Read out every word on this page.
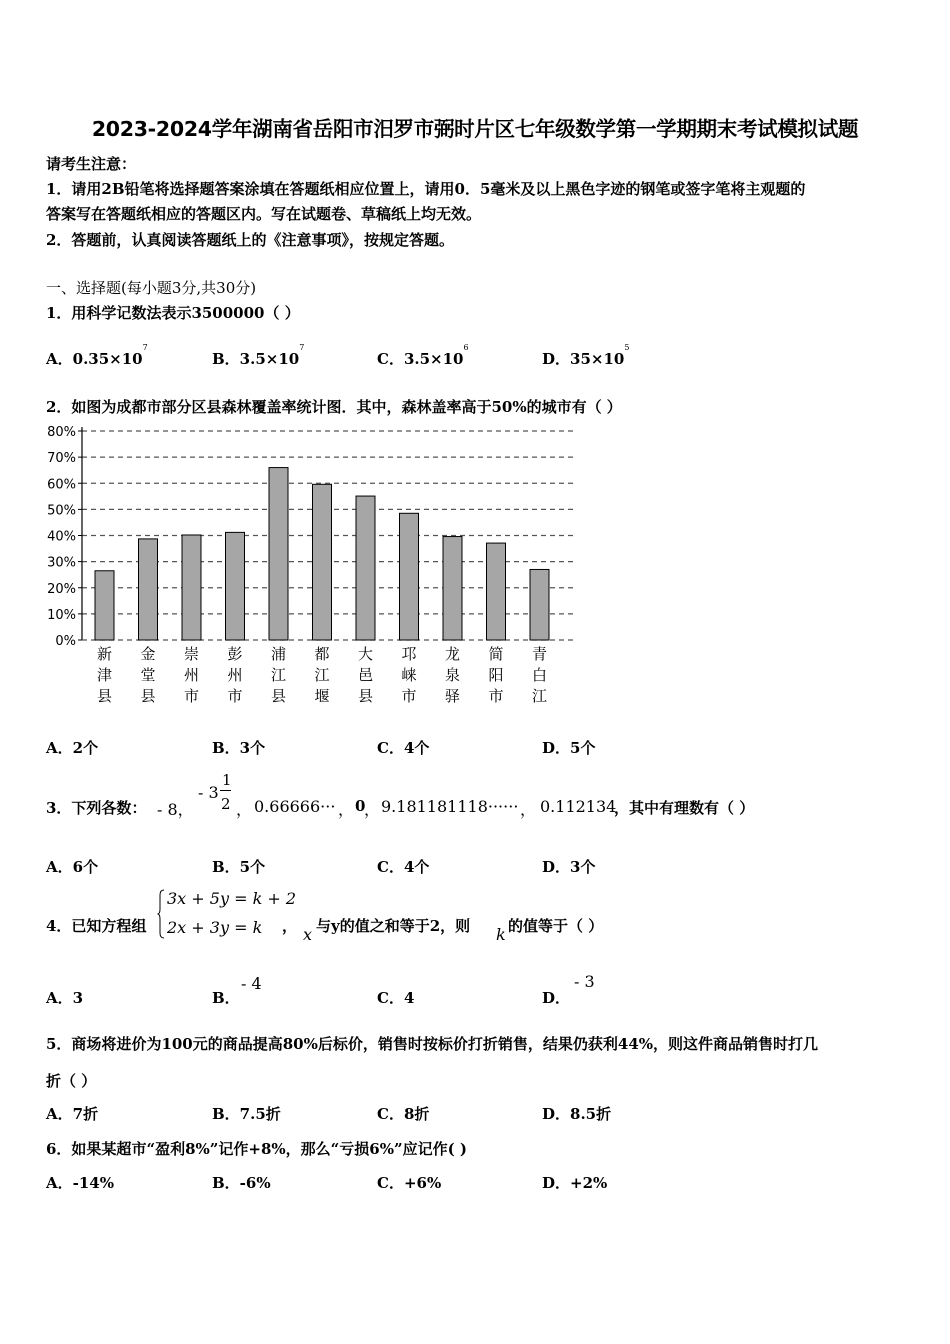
2023-2024学年湖南省岳阳市汨罗市弼时片区七年级数学第一学期期末考试模拟试题
请考生注意：
1．请用2B铅笔将选择题答案涂填在答题纸相应位置上，请用0．5毫米及以上黑色字迹的钢笔或签字笔将主观题的
答案写在答题纸相应的答题区内。写在试题卷、草稿纸上均无效。
2．答题前，认真阅读答题纸上的《注意事项》，按规定答题。
一、选择题(每小题3分,共30分)
1．用科学记数法表示3500000（ ）
A．$0.35\times 10^7$
B．$3.5\times 10^7$
C．$3.5\times 10^6$
D．$35\times 10^5$
2．如图为成都市部分区县森林覆盖率统计图．其中，森林盖率高于50%的城市有（ ）
0%
10%
20%
30%
40%
50%
60%
70%
80%
新
津
县
金
堂
县
崇
州
市
彭
州
市
浦
江
县
都
江
堰
大
邑
县
邛
崃
市
龙
泉
驿
简
阳
市
青
白
江
A．2个	B．3个	C．4个	D．5个
3．下列各数： - 8，
- 3
1
2 ， 0.66666··· ， 0
， 9.181181118······ ， 0.112134
，其中有理数有（ ）
A．6个	B．5个	C．4个	D．3个
4．已知方程组
3x + 5y = k + 2
2x + 3y = k ， x 与y的值之和等于2，则 k 的值等于（ ）
A．3	B．
- 4
C．4	D．
- 3
5．商场将进价为100元的商品提高80%后标价，销售时按标价打折销售，结果仍获利44%，则这件商品销售时打几
折（ ）
A．7折	B．7.5折	C．8折	D．8.5折
6．如果某超市“盈利8%”记作+8%，那么“亏损6%”应记作( )
A．-14%	B．-6%	C．+6%	D．+2%
